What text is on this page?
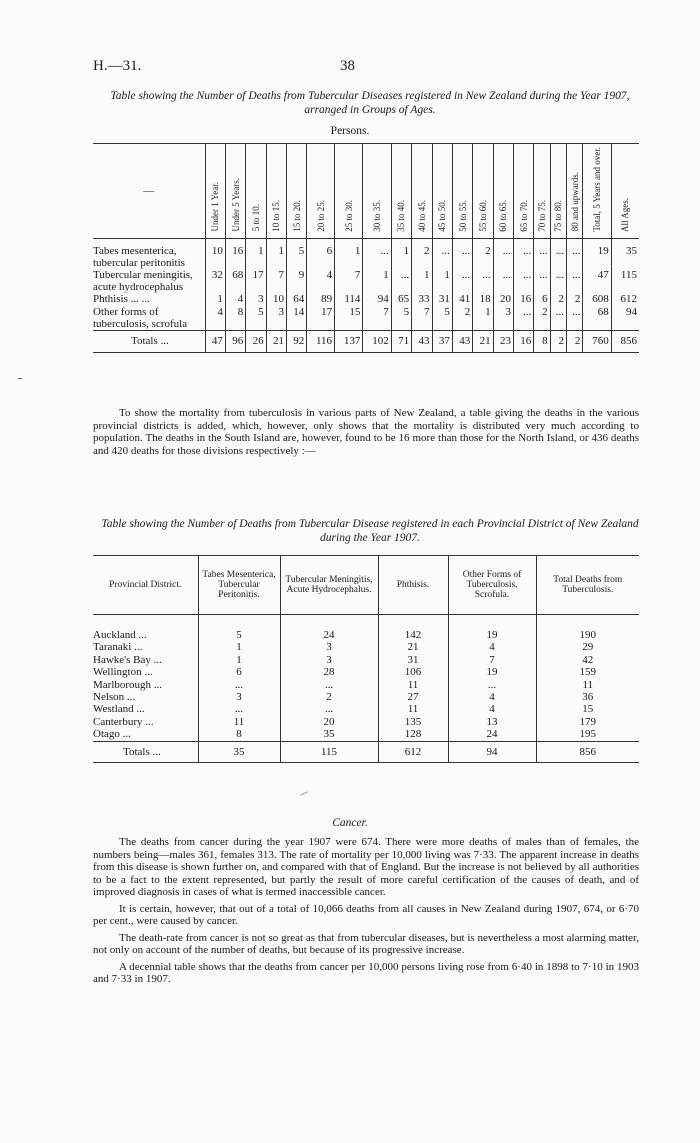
H.—31.	38
Table showing the Number of Deaths from Tubercular Diseases registered in New Zealand during the Year 1907, arranged in Groups of Ages.
Persons.
—	Under 1 Year.	Under 5 Years.	5 to 10.	10 to 15.	15 to 20.	20 to 25.	25 to 30.	30 to 35.	35 to 40.	40 to 45.	45 to 50.	50 to 55.	55 to 60.	60 to 65.	65 to 70.	70 to 75.	75 to 80.	80 and upwards.	Total, 5 Years and over.	All Ages.
Tabes mesenterica, tubercular peritonitis	10	16	1	1	5	6	1	...	1	2	...	...	2	...	...	...	...	...	19	35
Tubercular meningitis, acute hydrocephalus	32	68	17	7	9	4	7	1	...	1	1	...	...	...	...	...	...	...	47	115
Phthisis ... ...	1	4	3	10	64	89	114	94	65	33	31	41	18	20	16	6	2	2	608	612
Other forms of tuberculosis, scrofula	4	8	5	3	14	17	15	7	5	7	5	2	1	3	...	2	...	...	68	94
Totals ...	47	96	26	21	92	116	137	102	71	43	37	43	21	23	16	8	2	2	760	856

To show the mortality from tuberculosis in various parts of New Zealand, a table giving the deaths in the various provincial districts is added, which, however, only shows that the mortality is distributed very much according to population. The deaths in the South Island are, however, found to be 16 more than those for the North Island, or 436 deaths and 420 deaths for those divisions respectively :—

Table showing the Number of Deaths from Tubercular Disease registered in each Provincial District of New Zealand during the Year 1907.
Provincial District.	Tabes Mesenterica, Tubercular Peritonitis.	Tubercular Meningitis, Acute Hydrocephalus.	Phthisis.	Other Forms of Tuberculosis, Scrofula.	Total Deaths from Tuberculosis.
Auckland ...	5	24	142	19	190
Taranaki ...	1	3	21	4	29
Hawke's Bay ...	1	3	31	7	42
Wellington ...	6	28	106	19	159
Marlborough ...	...	...	11	...	11
Nelson ...	3	2	27	4	36
Westland ...	...	...	11	4	15
Canterbury ...	11	20	135	13	179
Otago ...	8	35	128	24	195
Totals ...	35	115	612	94	856
Cancer.

The deaths from cancer during the year 1907 were 674. There were more deaths of males than of females, the numbers being—males 361, females 313. The rate of mortality per 10,000 living was 7·33. The apparent increase in deaths from this disease is shown further on, and compared with that of England. But the increase is not believed by all authorities to be a fact to the extent represented, but partly the result of more careful certification of the causes of death, and of improved diagnosis in cases of what is termed inaccessible cancer.

It is certain, however, that out of a total of 10,066 deaths from all causes in New Zealand during 1907, 674, or 6·70 per cent., were caused by cancer.

The death-rate from cancer is not so great as that from tubercular diseases, but is nevertheless a most alarming matter, not only on account of the number of deaths, but because of its progressive increase.

A decennial table shows that the deaths from cancer per 10,000 persons living rose from 6·40 in 1898 to 7·10 in 1903 and 7·33 in 1907.
